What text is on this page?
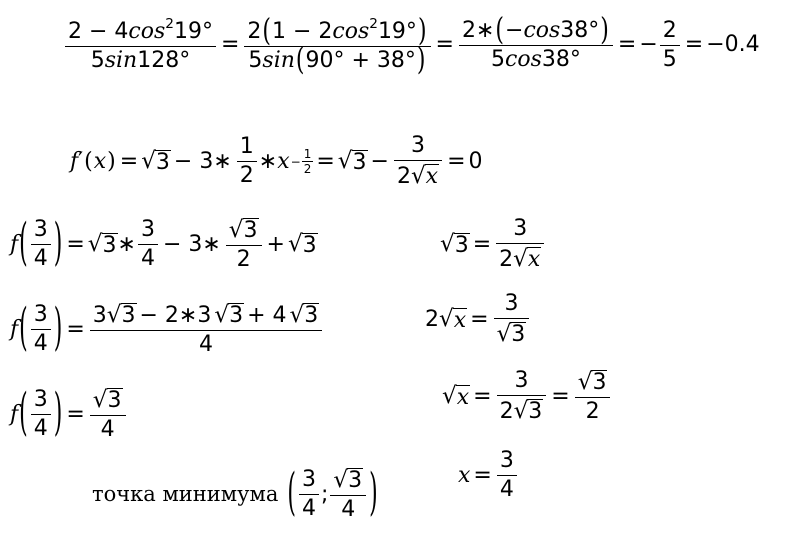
$\frac{2 - 4\cos^219^\circ}{5\sin 128^\circ} = \frac{2(1 - 2\cos^219^\circ)}{5\sin(90^\circ + 38^\circ)} = \frac{2∗(-\cos 38^\circ)}{5\cos 38^\circ}$ = − $\frac{2}{5} = -0.4$
f ′ ( x ) = √ 3 − 3∗ $\frac{1}{2}$ ∗ $x - \frac{1}{2}$ = √ $3 - \frac{3}{2 √ x} = 0$
f ( $\frac{3}{4}$ ) = √ 3 ∗ $\frac{3}{4}$ − 3∗ $\frac{√ 3}{2}$ + √ 3
f ( $\frac{3}{4}$ ) = $\frac{3 √ 3 - 2∗3 √ 3 + 4 √ 3}{4}$
f ( $\frac{3}{4}$ ) = $\frac{√ 3}{4}$
√ $3 = \frac{3}{2 √ x}$
2 √ $x = \frac{3}{√ 3}$
√ $x = \frac{3}{2 √ 3} = \frac{√ 3}{2}$
$x = \frac{3}{4}$
точка минимума ( $\frac{3}{4}$ ; $\frac{√ 3}{4}$ )
